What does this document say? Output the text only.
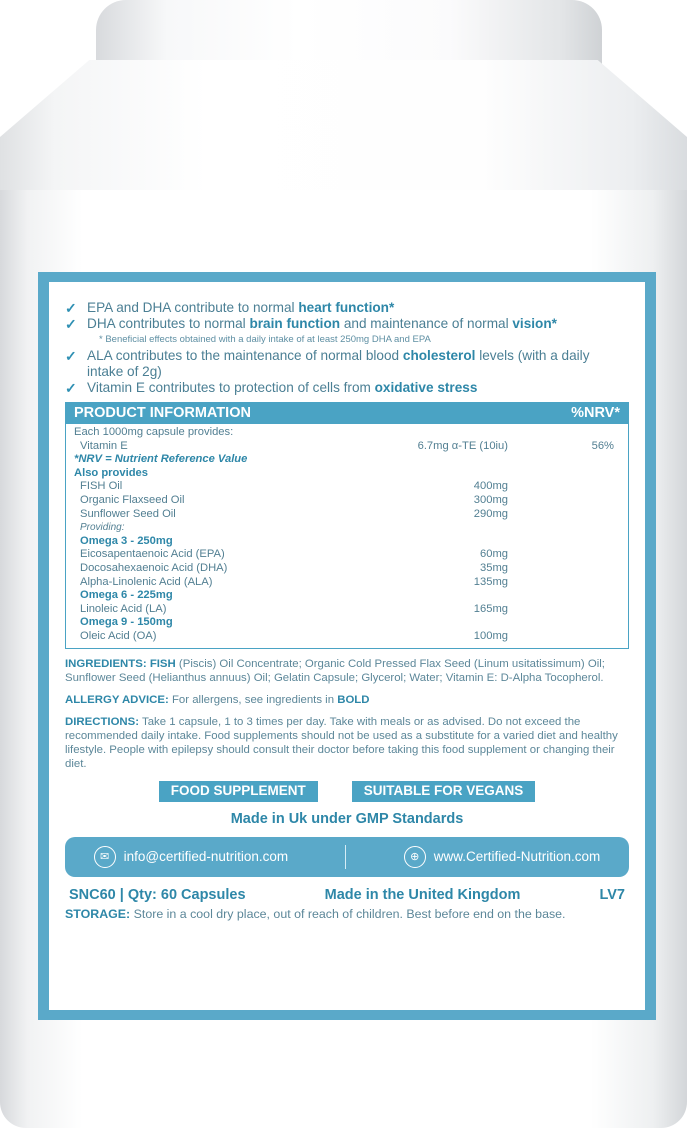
✓ EPA and DHA contribute to normal heart function*
✓ DHA contributes to normal brain function and maintenance of normal vision*
* Beneficial effects obtained with a daily intake of at least 250mg DHA and EPA
✓ ALA contributes to the maintenance of normal blood cholesterol levels (with a daily intake of 2g)
✓ Vitamin E contributes to protection of cells from oxidative stress
PRODUCT INFORMATION	%NRV*
Each 1000mg capsule provides:
Vitamin E	6.7mg α-TE (10iu)	56%
*NRV = Nutrient Reference Value
Also provides
FISH Oil	400mg
Organic Flaxseed Oil	300mg
Sunflower Seed Oil	290mg
Providing:
Omega 3 - 250mg
Eicosapentaenoic Acid (EPA)	60mg
Docosahexaenoic Acid (DHA)	35mg
Alpha-Linolenic Acid (ALA)	135mg
Omega 6 - 225mg
Linoleic Acid (LA)	165mg
Omega 9 - 150mg
Oleic Acid (OA)	100mg
INGREDIENTS: FISH (Piscis) Oil Concentrate; Organic Cold Pressed Flax Seed (Linum usitatissimum) Oil; Sunflower Seed (Helianthus annuus) Oil; Gelatin Capsule; Glycerol; Water; Vitamin E: D-Alpha Tocopherol.
ALLERGY ADVICE: For allergens, see ingredients in BOLD
DIRECTIONS: Take 1 capsule, 1 to 3 times per day. Take with meals or as advised. Do not exceed the recommended daily intake. Food supplements should not be used as a substitute for a varied diet and healthy lifestyle. People with epilepsy should consult their doctor before taking this food supplement or changing their diet.
FOOD SUPPLEMENT	SUITABLE FOR VEGANS
Made in Uk under GMP Standards
✉	info@certified-nutrition.com	⊕	www.Certified-Nutrition.com
SNC60 | Qty: 60 Capsules	Made in the United Kingdom	LV7
STORAGE: Store in a cool dry place, out of reach of children. Best before end on the base.
